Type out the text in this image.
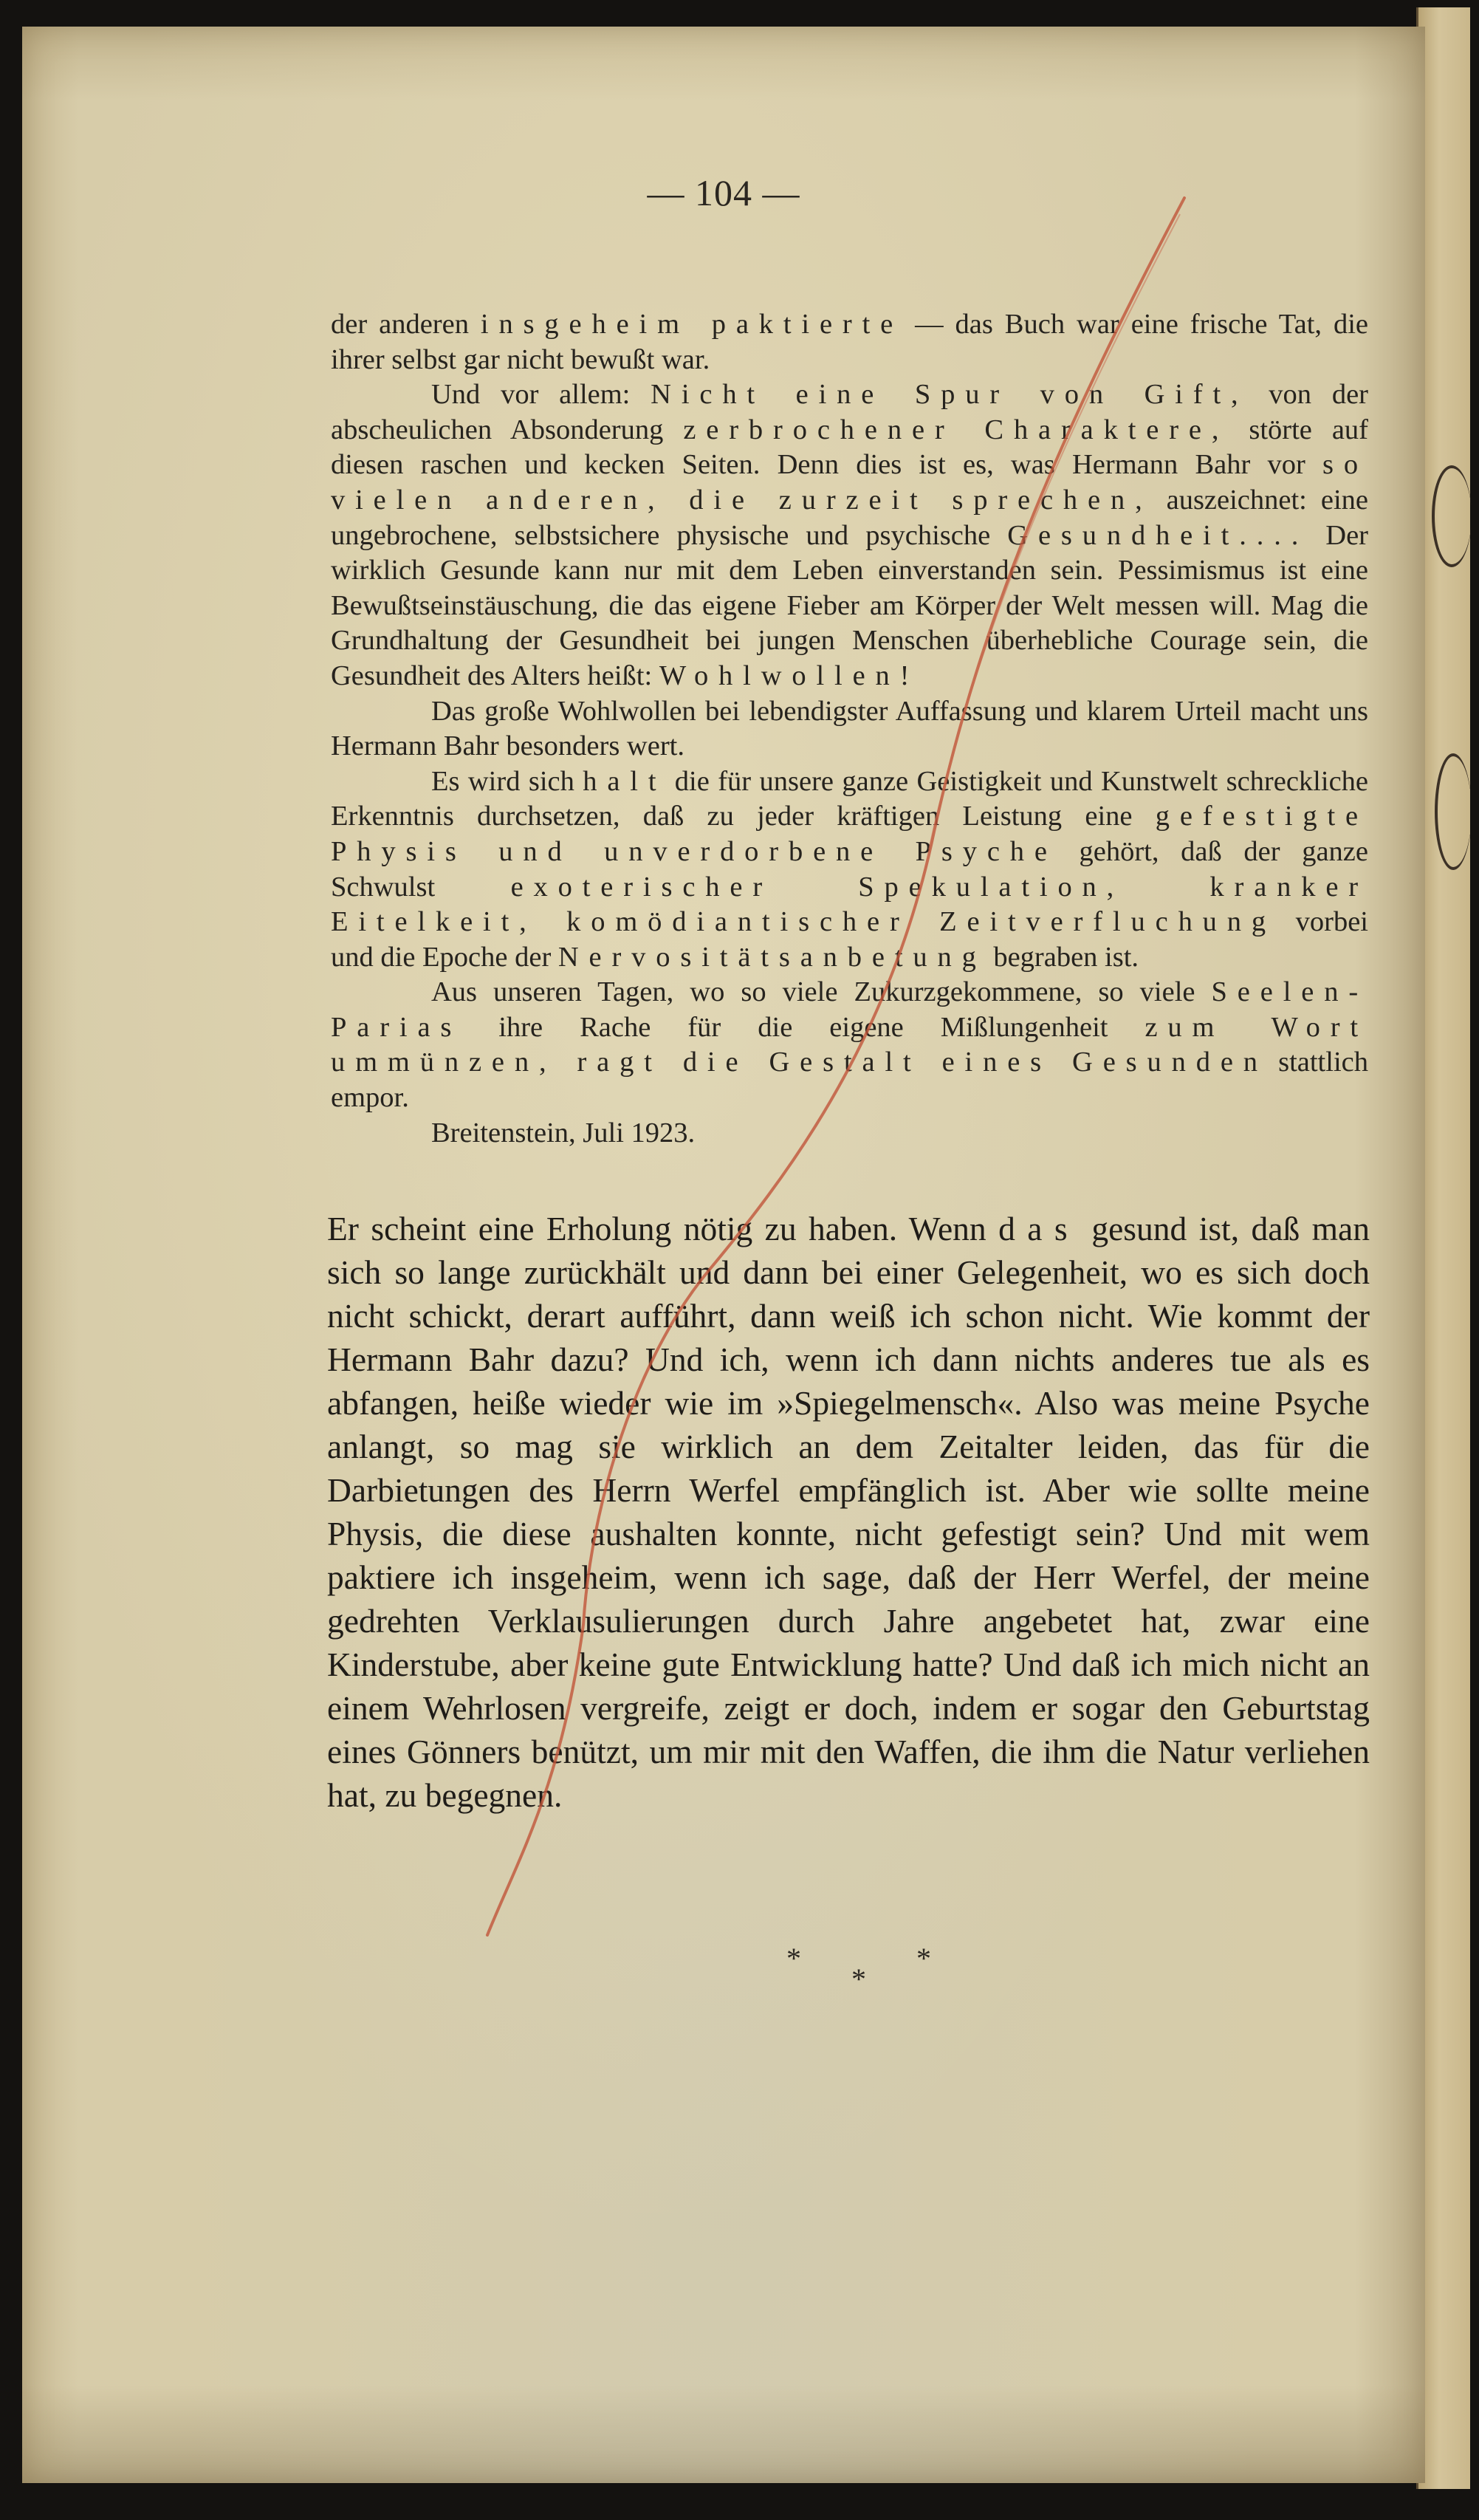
— 104 —

der anderen insgeheim paktierte — das Buch war eine frische Tat, die ihrer selbst gar nicht bewußt war.

Und vor allem: Nicht eine Spur von Gift, von der abscheulichen Absonderung zerbrochener Charaktere, störte auf diesen raschen und kecken Seiten. Denn dies ist es, was Hermann Bahr vor so vielen anderen, die zurzeit sprechen, auszeichnet: eine ungebrochene, selbstsichere physische und psychische Gesundheit.... Der wirklich Gesunde kann nur mit dem Leben einverstanden sein. Pessimismus ist eine Bewußtseinstäuschung, die das eigene Fieber am Körper der Welt messen will. Mag die Grundhaltung der Gesundheit bei jungen Menschen überhebliche Courage sein, die Gesundheit des Alters heißt: Wohlwollen!

Das große Wohlwollen bei lebendigster Auffassung und klarem Urteil macht uns Hermann Bahr besonders wert.

Es wird sich halt die für unsere ganze Geistigkeit und Kunstwelt schreckliche Erkenntnis durchsetzen, daß zu jeder kräftigen Leistung eine gefestigte Physis und unverdorbene Psyche gehört, daß der ganze Schwulst exoterischer Spekulation, kranker Eitelkeit, komödiantischer Zeitverfluchung vorbei und die Epoche der Nervositätsanbetung begraben ist.

Aus unseren Tagen, wo so viele Zukurzgekommene, so viele Seelen-Parias ihre Rache für die eigene Mißlungenheit zum Wort ummünzen, ragt die Gestalt eines Gesunden stattlich empor.

Breitenstein, Juli 1923.

Er scheint eine Erholung nötig zu haben. Wenn das gesund ist, daß man sich so lange zurückhält und dann bei einer Gelegenheit, wo es sich doch nicht schickt, derart aufführt, dann weiß ich schon nicht. Wie kommt der Hermann Bahr dazu? Und ich, wenn ich dann nichts anderes tue als es abfangen, heiße wieder wie im »Spiegelmensch«. Also was meine Psyche anlangt, so mag sie wirklich an dem Zeitalter leiden, das für die Darbietungen des Herrn Werfel empfänglich ist. Aber wie sollte meine Physis, die diese aushalten konnte, nicht gefestigt sein? Und mit wem paktiere ich insgeheim, wenn ich sage, daß der Herr Werfel, der meine gedrehten Verklausulierungen durch Jahre angebetet hat, zwar eine Kinderstube, aber keine gute Entwicklung hatte? Und daß ich mich nicht an einem Wehrlosen vergreife, zeigt er doch, indem er sogar den Geburtstag eines Gönners benützt, um mir mit den Waffen, die ihm die Natur verliehen hat, zu begegnen.

*
*
*
